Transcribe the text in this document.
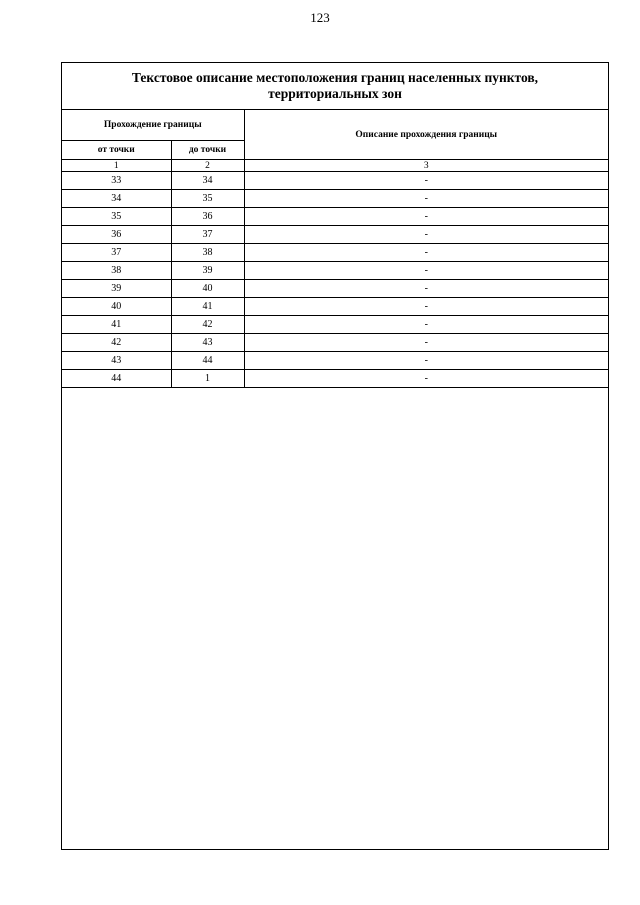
123
Текстовое описание местоположения границ населенных пунктов, территориальных зон
Прохождение границы		Описание прохождения границы
от точки	до точки	
1	2	3
33	34	-
34	35	-
35	36	-
36	37	-
37	38	-
38	39	-
39	40	-
40	41	-
41	42	-
42	43	-
43	44	-
44	1	-
